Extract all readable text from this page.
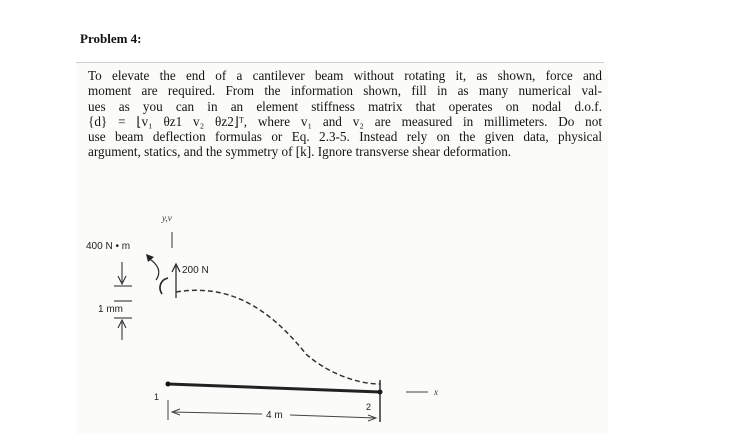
Problem 4:
To elevate the end of a cantilever beam without rotating it, as shown, force and
moment are required. From the information shown, fill in as many numerical val-
ues as you can in an element stiffness matrix that operates on nodal d.o.f.
{d} = ⌊v₁ θz1 v₂ θz2⌋ᵀ, where v₁ and v₂ are measured in millimeters. Do not
use beam deflection formulas or Eq. 2.3-5. Instead rely on the given data, physical
argument, statics, and the symmetry of [k]. Ignore transverse shear deformation.
y,v
400 N • m
200 N
1 mm
1
2
x
4 m
